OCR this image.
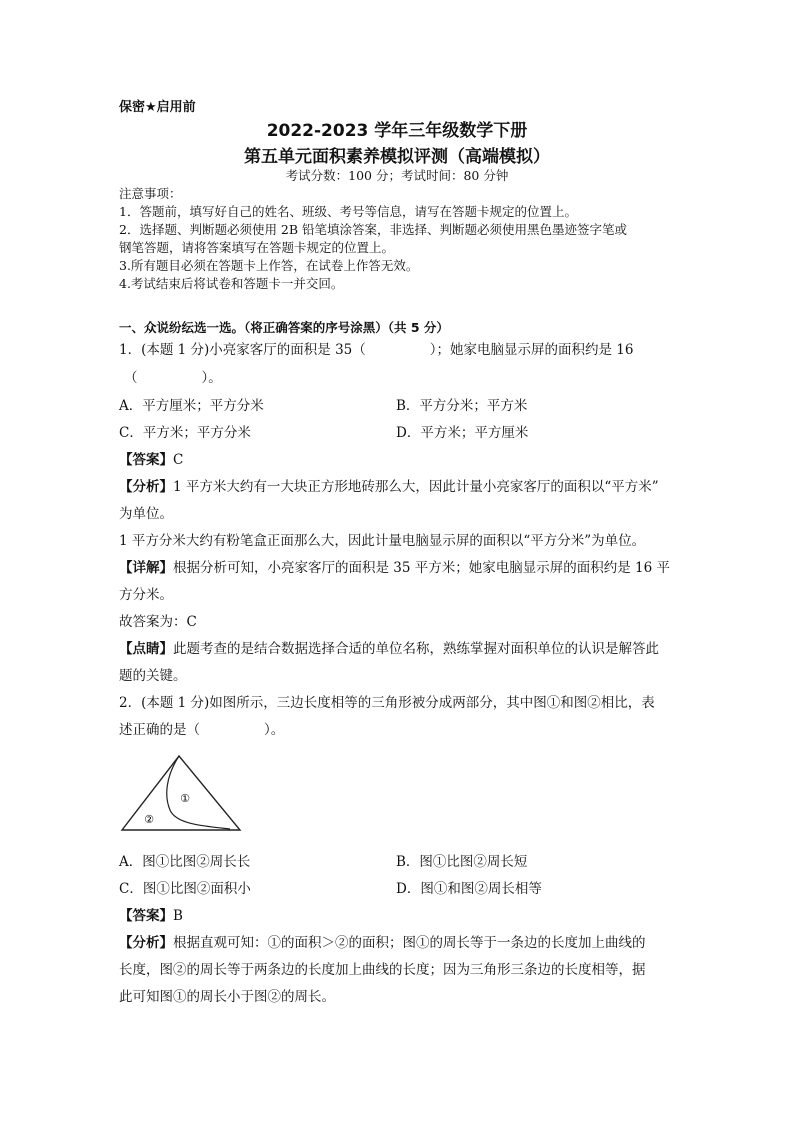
保密★启用前
2022-2023 学年三年级数学下册
第五单元面积素养模拟评测（高端模拟）
考试分数：100 分；考试时间：80 分钟
注意事项：
1．答题前，填写好自己的姓名、班级、考号等信息，请写在答题卡规定的位置上。
2．选择题、判断题必须使用 2B 铅笔填涂答案，非选择、判断题必须使用黑色墨迹签字笔或
钢笔答题，请将答案填写在答题卡规定的位置上。
3.所有题目必须在答题卡上作答，在试卷上作答无效。
4.考试结束后将试卷和答题卡一并交回。
一、众说纷纭选一选。（将正确答案的序号涂黑）（共 5 分）
1．(本题 1 分)小亮家客厅的面积是 35（	）；她家电脑显示屏的面积约是 16
（	）。
A．平方厘米；平方分米	B．平方分米；平方米
C．平方米；平方分米	D．平方米；平方厘米
【答案】C
【分析】1 平方米大约有一大块正方形地砖那么大，因此计量小亮家客厅的面积以“平方米”
为单位。
1 平方分米大约有粉笔盒正面那么大，因此计量电脑显示屏的面积以“平方分米”为单位。
【详解】根据分析可知，小亮家客厅的面积是 35 平方米；她家电脑显示屏的面积约是 16 平
方分米。
故答案为：C
【点睛】此题考查的是结合数据选择合适的单位名称，熟练掌握对面积单位的认识是解答此
题的关键。
2．(本题 1 分)如图所示，三边长度相等的三角形被分成两部分，其中图①和图②相比，表
述正确的是（	）。
①
②
A．图①比图②周长长	B．图①比图②周长短
C．图①比图②面积小	D．图①和图②周长相等
【答案】B
【分析】根据直观可知：①的面积＞②的面积；图①的周长等于一条边的长度加上曲线的
长度，图②的周长等于两条边的长度加上曲线的长度；因为三角形三条边的长度相等，据
此可知图①的周长小于图②的周长。
